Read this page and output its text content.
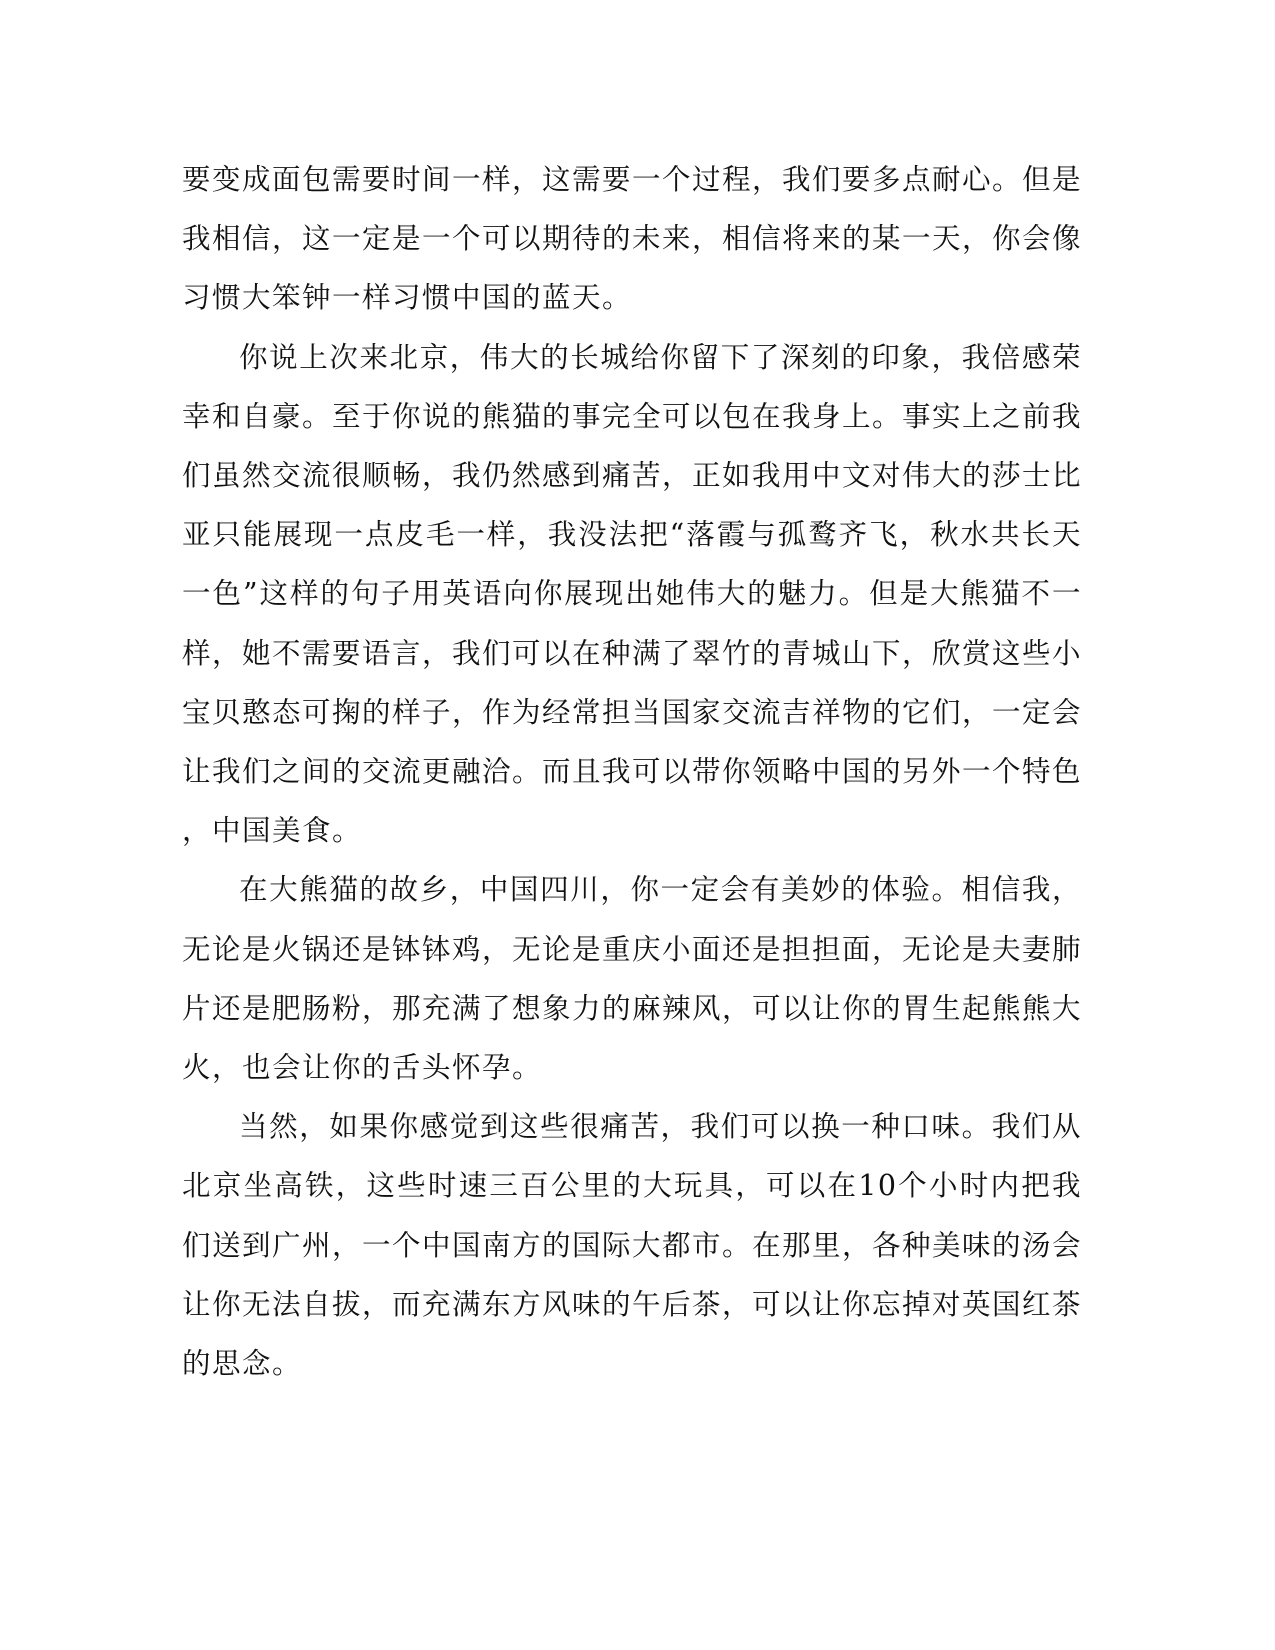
要变成面包需要时间一样，这需要一个过程，我们要多点耐心。但是我相信，这一定是一个可以期待的未来，相信将来的某一天，你会像习惯大笨钟一样习惯中国的蓝天。

你说上次来北京，伟大的长城给你留下了深刻的印象，我倍感荣幸和自豪。至于你说的熊猫的事完全可以包在我身上。事实上之前我们虽然交流很顺畅，我仍然感到痛苦，正如我用中文对伟大的莎士比亚只能展现一点皮毛一样，我没法把“落霞与孤鹜齐飞，秋水共长天一色”这样的句子用英语向你展现出她伟大的魅力。但是大熊猫不一样，她不需要语言，我们可以在种满了翠竹的青城山下，欣赏这些小宝贝憨态可掬的样子，作为经常担当国家交流吉祥物的它们，一定会让我们之间的交流更融洽。而且我可以带你领略中国的另外一个特色，中国美食。

在大熊猫的故乡，中国四川，你一定会有美妙的体验。相信我，无论是火锅还是钵钵鸡，无论是重庆小面还是担担面，无论是夫妻肺片还是肥肠粉，那充满了想象力的麻辣风，可以让你的胃生起熊熊大火，也会让你的舌头怀孕。

当然，如果你感觉到这些很痛苦，我们可以换一种口味。我们从北京坐高铁，这些时速三百公里的大玩具，可以在10个小时内把我们送到广州，一个中国南方的国际大都市。在那里，各种美味的汤会让你无法自拔，而充满东方风味的午后茶，可以让你忘掉对英国红茶的思念。
